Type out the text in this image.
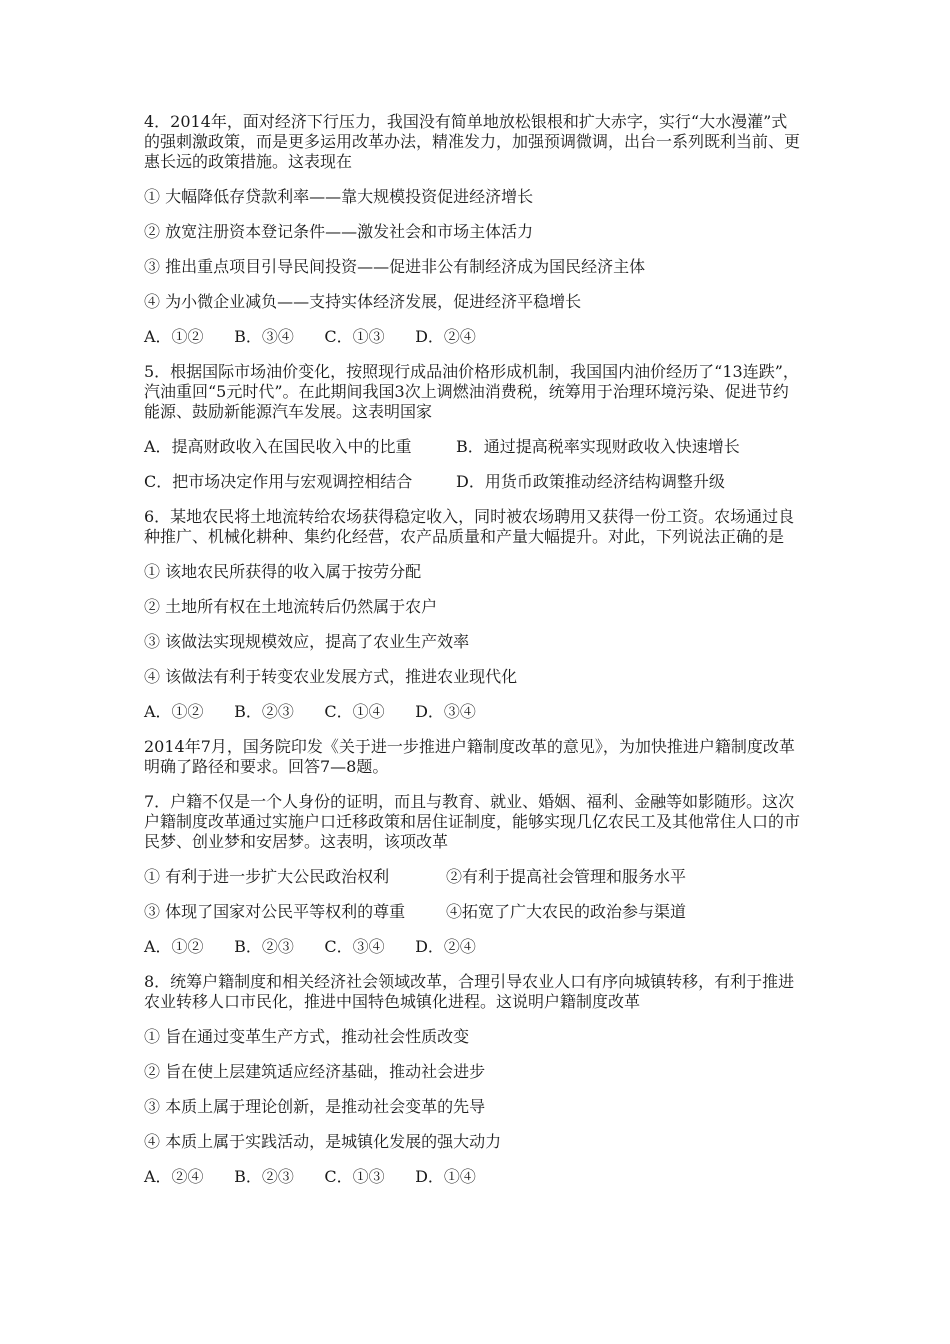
4．2014年，面对经济下行压力，我国没有简单地放松银根和扩大赤字，实行“大水漫灌”式的强刺激政策，而是更多运用改革办法，精准发力，加强预调微调，出台一系列既利当前、更惠长远的政策措施。这表现在

① 大幅降低存贷款利率——靠大规模投资促进经济增长

② 放宽注册资本登记条件——激发社会和市场主体活力

③ 推出重点项目引导民间投资——促进非公有制经济成为国民经济主体

④ 为小微企业减负——支持实体经济发展，促进经济平稳增长

A．①②      B．③④      C．①③      D．②④

5．根据国际市场油价变化，按照现行成品油价格形成机制，我国国内油价经历了“13连跌”，汽油重回“5元时代”。在此期间我国3次上调燃油消费税，统筹用于治理环境污染、促进节约能源、鼓励新能源汽车发展。这表明国家

A．提高财政收入在国民收入中的比重	B．通过提高税率实现财政收入快速增长
C．把市场决定作用与宏观调控相结合	D．用货币政策推动经济结构调整升级

6．某地农民将土地流转给农场获得稳定收入，同时被农场聘用又获得一份工资。农场通过良种推广、机械化耕种、集约化经营，农产品质量和产量大幅提升。对此，下列说法正确的是

① 该地农民所获得的收入属于按劳分配

② 土地所有权在土地流转后仍然属于农户

③ 该做法实现规模效应，提高了农业生产效率

④ 该做法有利于转变农业发展方式，推进农业现代化

A．①②      B．②③      C．①④      D．③④

2014年7月，国务院印发《关于进一步推进户籍制度改革的意见》，为加快推进户籍制度改革明确了路径和要求。回答7—8题。

7．户籍不仅是一个人身份的证明，而且与教育、就业、婚姻、福利、金融等如影随形。这次户籍制度改革通过实施户口迁移政策和居住证制度，能够实现几亿农民工及其他常住人口的市民梦、创业梦和安居梦。这表明，该项改革

① 有利于进一步扩大公民政治权利	②有利于提高社会管理和服务水平
③ 体现了国家对公民平等权利的尊重	④拓宽了广大农民的政治参与渠道

A．①②      B．②③      C．③④      D．②④

8．统筹户籍制度和相关经济社会领域改革，合理引导农业人口有序向城镇转移，有利于推进农业转移人口市民化，推进中国特色城镇化进程。这说明户籍制度改革

① 旨在通过变革生产方式，推动社会性质改变

② 旨在使上层建筑适应经济基础，推动社会进步

③ 本质上属于理论创新，是推动社会变革的先导

④ 本质上属于实践活动，是城镇化发展的强大动力

A．②④      B．②③      C．①③      D．①④
